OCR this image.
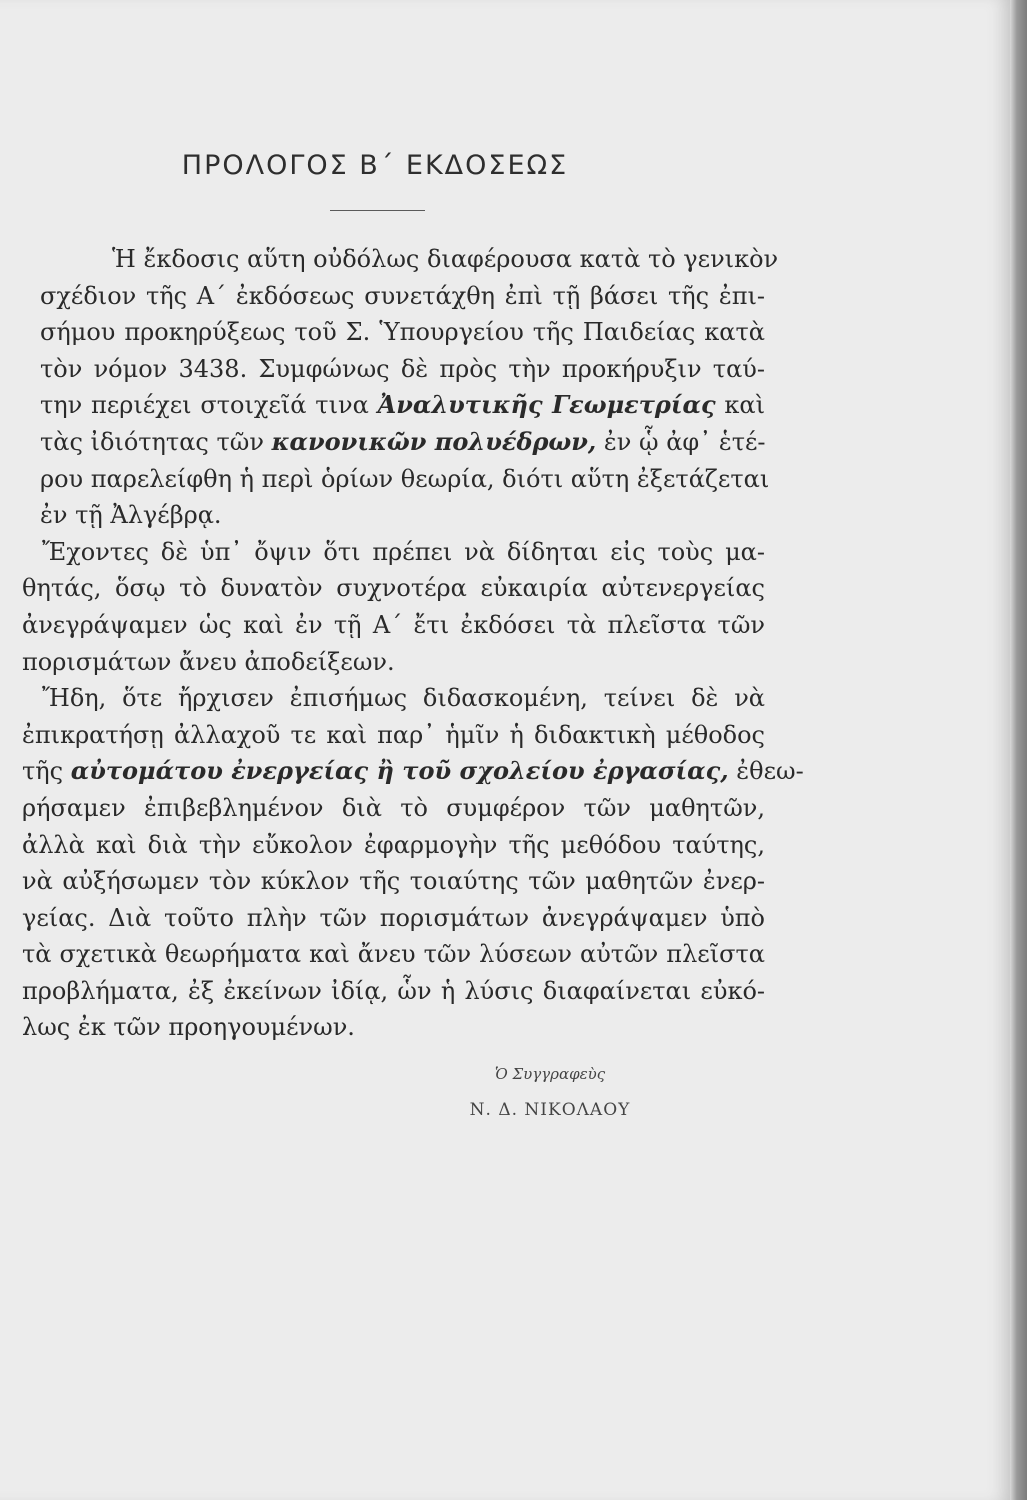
ΠΡΟΛΟΓΟΣ Β΄ ΕΚΔΟΣΕΩΣ
Ἡ ἔκδοσις αὕτη οὐδόλως διαφέρουσα κατὰ τὸ γενικὸν
σχέδιον τῆς Α΄ ἐκδόσεως συνετάχθη ἐπὶ τῇ βάσει τῆς ἐπι-
σήμου προκηρύξεως τοῦ Σ. Ὑπουργείου τῆς Παιδείας κατὰ
τὸν νόμον 3438. Συμφώνως δὲ πρὸς τὴν προκήρυξιν ταύ-
την περιέχει στοιχεῖά τινα Ἀναλυτικῆς Γεωμετρίας καὶ
τὰς ἰδιότητας τῶν κανονικῶν πολυέδρων, ἐν ᾧ ἀφ᾽ ἑτέ-
ρου παρελείφθη ἡ περὶ ὁρίων θεωρία, διότι αὕτη ἐξετάζεται
ἐν τῇ Ἀλγέβρᾳ.
Ἔχοντες δὲ ὑπ᾽ ὄψιν ὅτι πρέπει νὰ δίδηται εἰς τοὺς μα-
θητάς, ὅσῳ τὸ δυνατὸν συχνοτέρα εὐκαιρία αὐτενεργείας
ἀνεγράψαμεν ὡς καὶ ἐν τῇ Α΄ ἔτι ἐκδόσει τὰ πλεῖστα τῶν
πορισμάτων ἄνευ ἀποδείξεων.
Ἤδη, ὅτε ἤρχισεν ἐπισήμως διδασκομένη, τείνει δὲ νὰ
ἐπικρατήσῃ ἀλλαχοῦ τε καὶ παρ᾽ ἡμῖν ἡ διδακτικὴ μέθοδος
τῆς αὐτομάτου ἐνεργείας ἢ τοῦ σχολείου ἐργασίας, ἐθεω-
ρήσαμεν ἐπιβεβλημένον διὰ τὸ συμφέρον τῶν μαθητῶν,
ἀλλὰ καὶ διὰ τὴν εὔκολον ἐφαρμογὴν τῆς μεθόδου ταύτης,
νὰ αὐξήσωμεν τὸν κύκλον τῆς τοιαύτης τῶν μαθητῶν ἐνερ-
γείας. Διὰ τοῦτο πλὴν τῶν πορισμάτων ἀνεγράψαμεν ὑπὸ
τὰ σχετικὰ θεωρήματα καὶ ἄνευ τῶν λύσεων αὐτῶν πλεῖστα
προβλήματα, ἐξ ἐκείνων ἰδίᾳ, ὧν ἡ λύσις διαφαίνεται εὐκό-
λως ἐκ τῶν προηγουμένων.
Ὁ Συγγραφεὺς
Ν. Δ. ΝΙΚΟΛΑΟΥ
